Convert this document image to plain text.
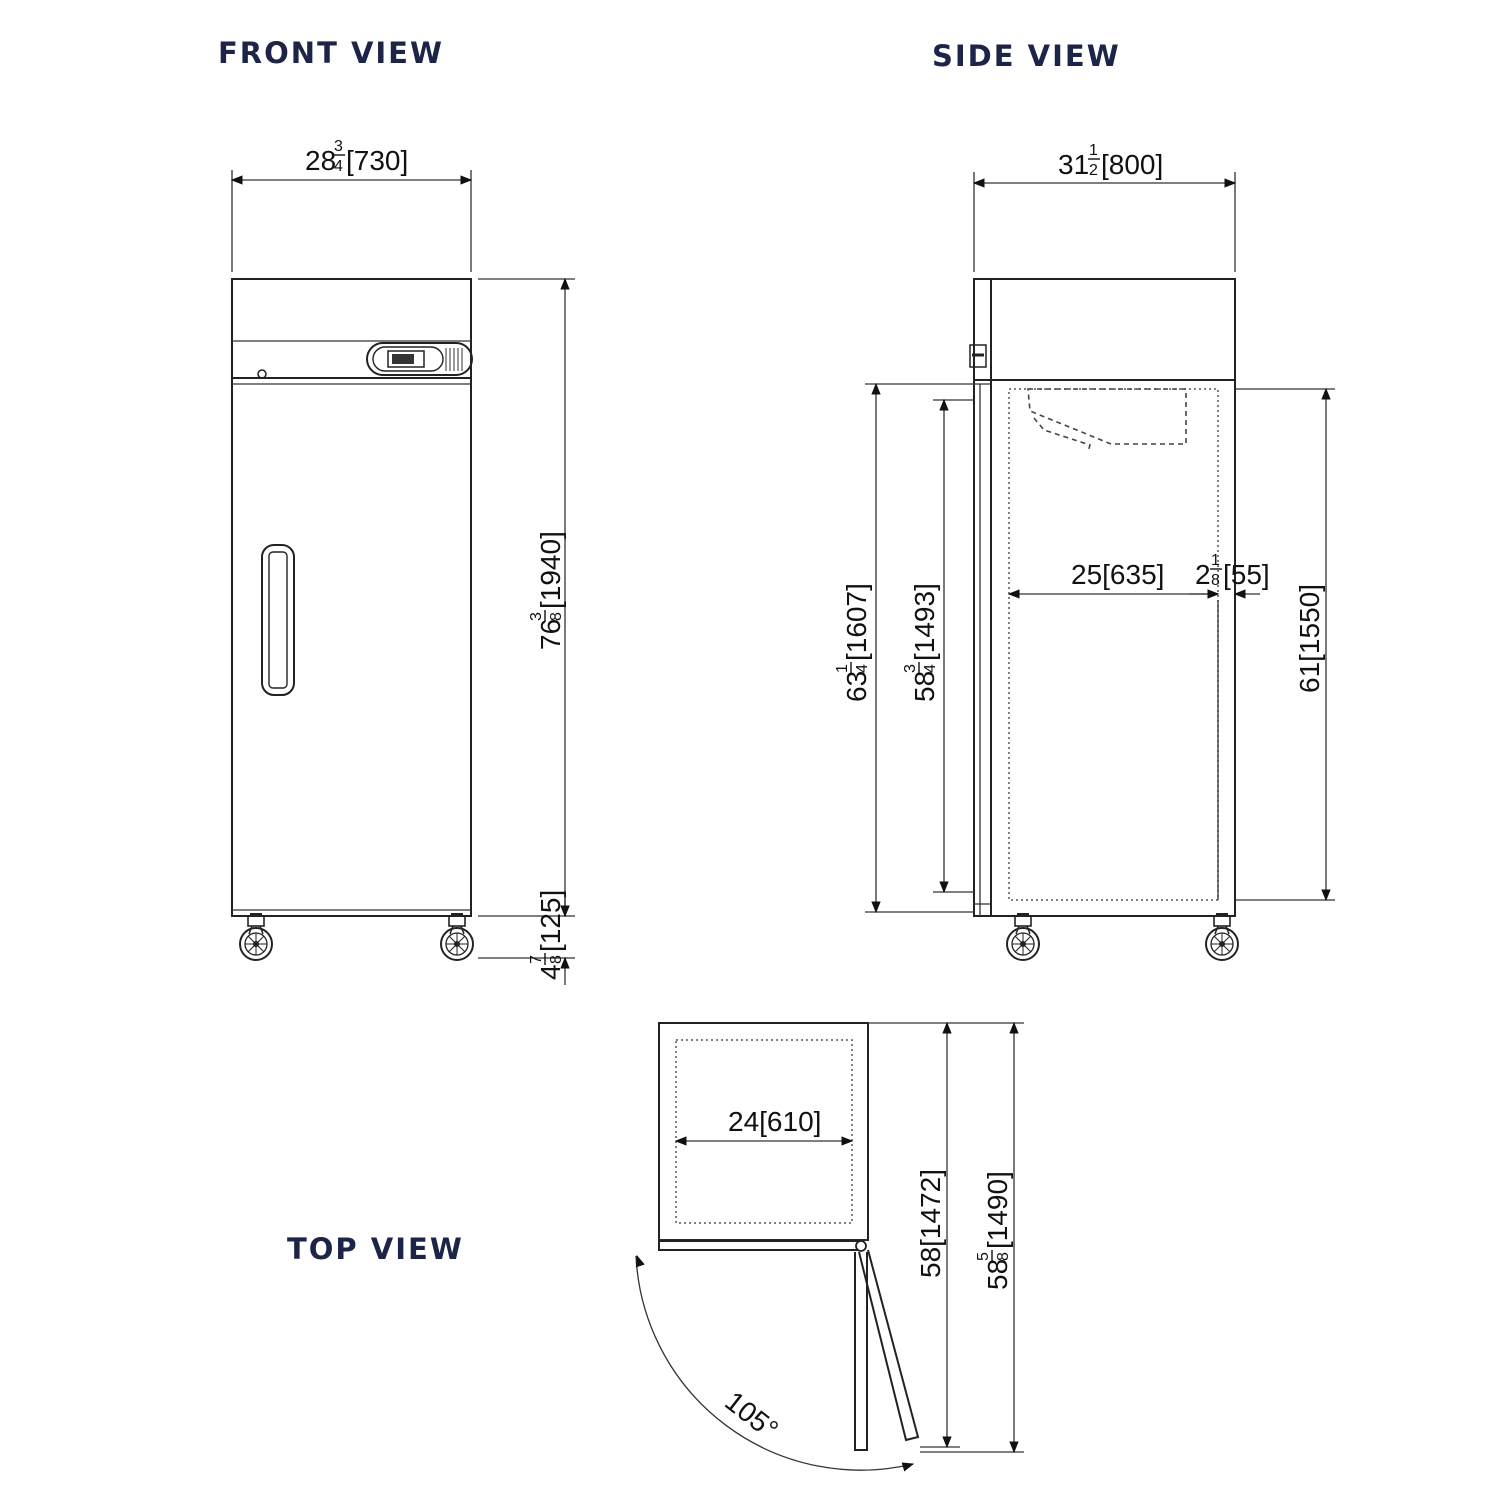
FRONT VIEW	SIDE VIEW
TOP VIEW
28
3
4 [730]
76
3 8
[1940]
4
7 8
[125]
31 1
2 [800]
63
1 4
[1607]
58
3 4
[1493]
25[635] 2 1
8 [55]
61[1550]
105°
24[610]
58[1472] 58
5 8
[1490]
